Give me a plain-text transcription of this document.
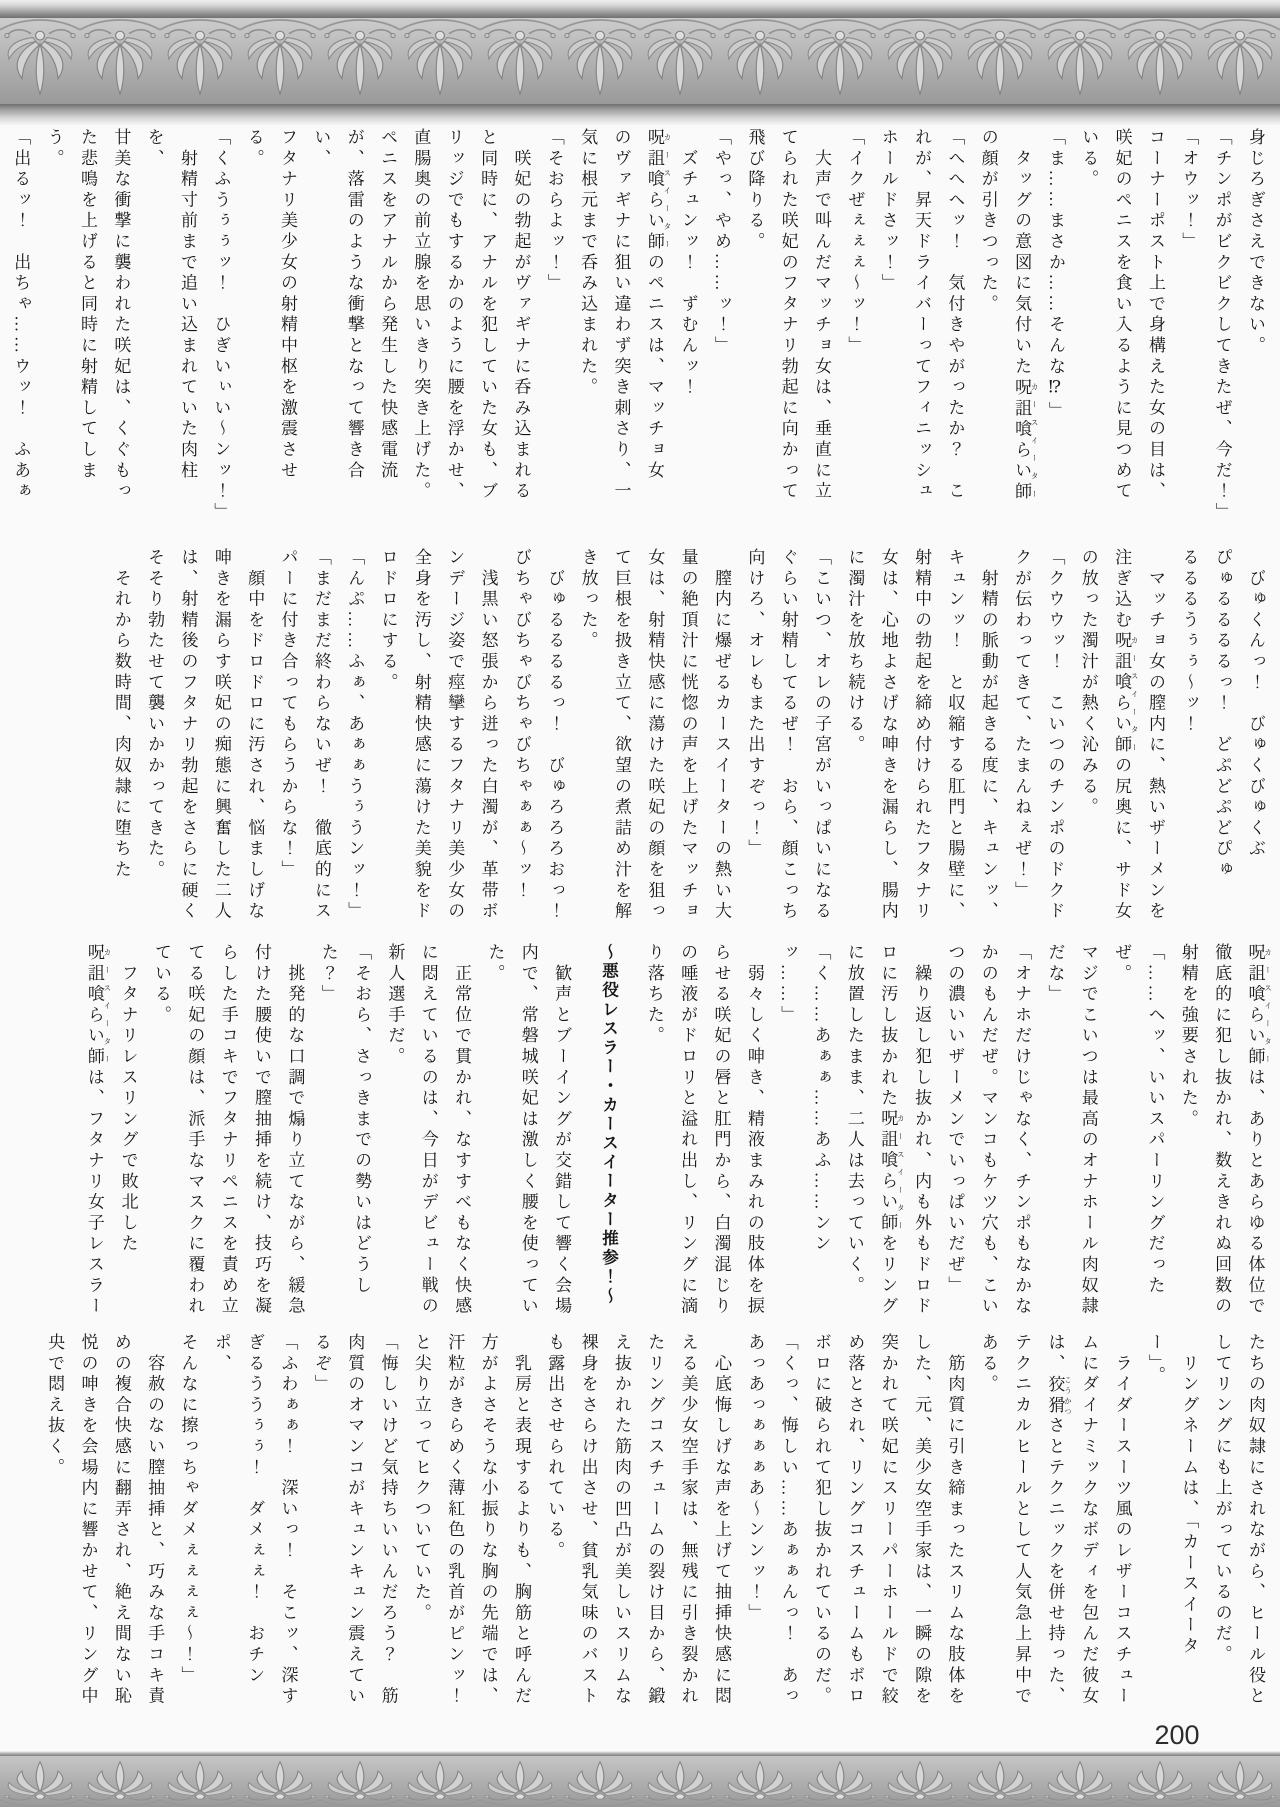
身じろぎさえできない。

「チンポがビクビクしてきたぜ、今だ！」

「オウッ！」

コーナーポスト上で身構えた女の目は、

咲妃のペニスを食い入るように見つめて

いる。

「ま……まさか……そんな⁉」

　タッグの意図に気付いた呪詛喰らい師 カースイーター

の顔が引きつった。

「へへヘッ！　気付きやがったか？　こ

れが、昇天ドライバーってフィニッシュ

ホールドさッ！」

「イクぜぇぇぇ〜ッ！」

　大声で叫んだマッチョ女は、垂直に立

てられた咲妃のフタナリ勃起に向かって

飛び降りる。

「やっ、やめ……ッ！」

　ズチュンッ！　ずむんッ！

呪詛喰らい師 カースイーターのペニスは、マッチョ女

のヴァギナに狙い違わず突き刺さり、一

気に根元まで呑み込まれた。

「そおらよッ！」

　咲妃の勃起がヴァギナに呑み込まれる

と同時に、アナルを犯していた女も、ブ

リッジでもするかのように腰を浮かせ、

直腸奥の前立腺を思いきり突き上げた。

ペニスをアナルから発生した快感電流

が、落雷のような衝撃となって響き合い、

フタナリ美少女の射精中枢を激震させる。

「くふうぅぅッ！　ひぎいぃい〜ンッ！」

　射精寸前まで追い込まれていた肉柱を、

甘美な衝撃に襲われた咲妃は、くぐもっ

た悲鳴を上げると同時に射精してしまう。

「出るッ！　出ちゃ……ウッ！　ふあぁ

　びゅくんっ！　びゅくびゅくぶ

ぴゅるるるるっ！　どぷどぷどぴゅ

るるるうぅぅ〜ッ！

　マッチョ女の膣内に、熱いザーメンを

注ぎ込む呪詛喰らい師 カースイーターの尻奥に、サド女

の放った濁汁が熱く沁みる。

「クウウッ！　こいつのチンポのドクド

クが伝わってきて、たまんねぇぜ！」

　射精の脈動が起きる度に、キュンッ、

キュンッ！　と収縮する肛門と腸壁に、

射精中の勃起を締め付けられたフタナリ

女は、心地よさげな呻きを漏らし、腸内

に濁汁を放ち続ける。

「こいつ、オレの子宮がいっぱいになる

ぐらい射精してるぜ！　おら、顔こっち

向けろ、オレもまた出すぞっ！」

　膣内に爆ぜるカースイーターの熱い大

量の絶頂汁に恍惚の声を上げたマッチョ

女は、射精快感に蕩けた咲妃の顔を狙っ

て巨根を扱き立て、欲望の煮詰め汁を解

き放った。

　びゅるるるるっ！　びゅろろろおっ！

びちゃびちゃびちゃびちゃぁぁ〜ッ！

　浅黒い怒張から迸った白濁が、革帯ボ

ンデージ姿で痙攣するフタナリ美少女の

全身を汚し、射精快感に蕩けた美貌をド

ロドロにする。

「んぷ……ふぁ、あぁぁうぅうンッ！」

「まだまだ終わらないぜ！　徹底的にス

パーに付き合ってもらうからな！」

　顔中をドロドロに汚され、悩ましげな

呻きを漏らす咲妃の痴態に興奮した二人

は、射精後のフタナリ勃起をさらに硬く

そそり勃たせて襲いかかってきた。

　それから数時間、肉奴隷に堕ちた

呪詛喰らい師 カースイーターは、ありとあらゆる体位で

徹底的に犯し抜かれ、数えきれぬ回数の

射精を強要された。

「……ヘッ、いいスパーリングだったぜ。

マジでこいつは最高のオナホール肉奴隷

だな」

「オナホだけじゃなく、チンポもなかな

かのもんだぜ。マンコもケツ穴も、こい

つの濃いいザーメンでいっぱいだぜ」

　繰り返し犯し抜かれ、内も外もドロド

ロに汚し抜かれた呪詛喰らい師 カースイーターをリング

に放置したまま、二人は去っていく。

「く……あぁぁ……あふ……ンンッ……」

　弱々しく呻き、精液まみれの肢体を捩

らせる咲妃の唇と肛門から、白濁混じり

の唾液がドロリと溢れ出し、リングに滴

り落ちた。

〜悪役レスラー・カースイーター推参！〜

　歓声とブーイングが交錯して響く会場

内で、常磐城咲妃は激しく腰を使ってい

た。

　正常位で貫かれ、なすすべもなく快感

に悶えているのは、今日がデビュー戦の

新人選手だ。

「そおら、さっきまでの勢いはどうし

た？」

　挑発的な口調で煽り立てながら、緩急

付けた腰使いで膣抽挿を続け、技巧を凝

らした手コキでフタナリペニスを責め立

てる咲妃の顔は、派手なマスクに覆われ

ている。

　フタナリレスリングで敗北した

呪詛喰らい師 カースイーターは、フタナリ女子レスラー

たちの肉奴隷にされながら、ヒール役と

してリングにも上がっているのだ。

　リングネームは、「カースイーター」。

　ライダースーツ風のレザーコスチュー

ムにダイナミックなボディを包んだ彼女

は、狡猾 こうかつさとテクニックを併せ持った、

テクニカルヒールとして人気急上昇中で

ある。

　筋肉質に引き締まったスリムな肢体を

した、元、美少女空手家は、一瞬の隙を

突かれて咲妃にスリーパーホールドで絞

め落とされ、リングコスチュームもボロ

ボロに破られて犯し抜かれているのだ。

「くっ、悔しい……あぁぁんっ！　あっ

あっあっぁぁぁあ〜ンンッ！」

　心底悔しげな声を上げて抽挿快感に悶

える美少女空手家は、無残に引き裂かれ

たリングコスチュームの裂け目から、鍛

え抜かれた筋肉の凹凸が美しいスリムな

裸身をさらけ出させ、貧乳気味のバスト

も露出させられている。

　乳房と表現するよりも、胸筋と呼んだ

方がよさそうな小振りな胸の先端では、

汗粒がきらめく薄紅色の乳首がピンッ！

と尖り立ってヒクついていた。

「悔しいけど気持ちいいんだろう？　筋

肉質のオマンコがキュンキュン震えてい

るぞ」

「ふわぁぁ！　深いっ！　そこッ、深す

ぎるううぅぅ！　ダメぇぇ！　おチンポ、

そんなに擦っちゃダメぇぇぇぇ〜！」

　容赦のない膣抽挿と、巧みな手コキ責

めの複合快感に翻弄され、絶え間ない恥

悦の呻きを会場内に響かせて、リング中

央で悶え抜く。

200
